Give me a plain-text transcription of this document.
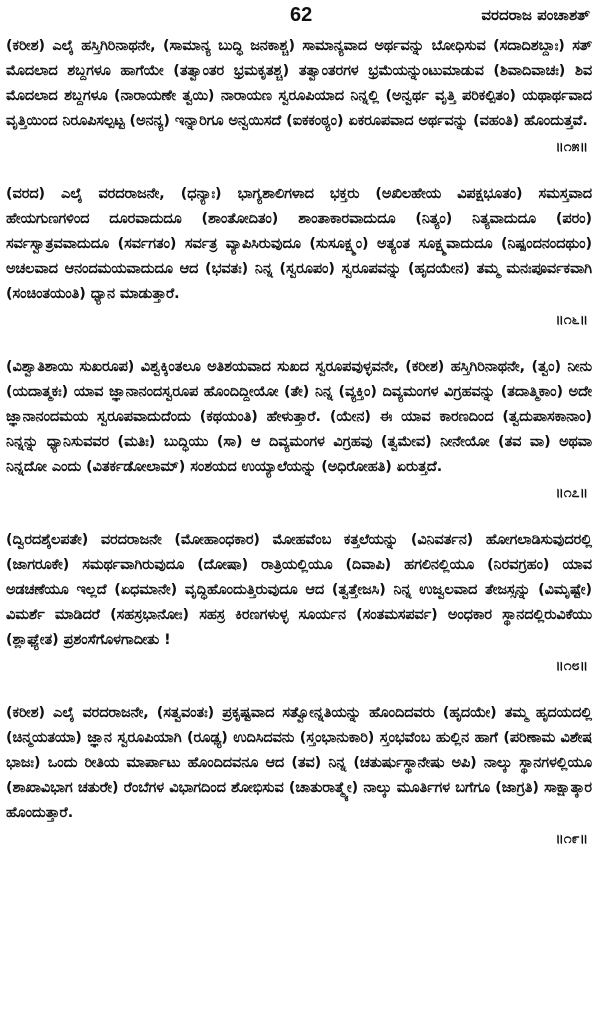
62	ವರದರಾಜ ಪಂಚಾಶತ್

(ಕರೀಶ) ಎಲೈ ಹಸ್ತಿಗಿರಿನಾಥನೇ, (ಸಾಮಾನ್ಯ ಬುದ್ಧಿ ಜನಕಾಶ್ಚ) ಸಾಮಾನ್ಯವಾದ ಅರ್ಥವನ್ನು ಬೋಧಿಸುವ (ಸದಾದಿಶಬ್ದಾಃ) ಸತ್ ಮೊದಲಾದ ಶಬ್ದಗಳೂ ಹಾಗೆಯೇ (ತತ್ವಾಂತರ ಭ್ರಮಕೃತಶ್ಚ) ತತ್ವಾಂತರಗಳ ಭ್ರಮೆಯನ್ನುಂಟುಮಾಡುವ (ಶಿವಾದಿವಾಚಃ) ಶಿವ ಮೊದಲಾದ ಶಬ್ದಗಳೂ (ನಾರಾಯಣೇ ತ್ವಯಿ) ನಾರಾಯಣ ಸ್ವರೂಪಿಯಾದ ನಿನ್ನಲ್ಲಿ (ಅನ್ವರ್ಥ ವೃತ್ತಿ ಪರಿಕಲ್ಪಿತಂ) ಯಥಾರ್ಥವಾದ ವೃತ್ತಿಯಿಂದ ನಿರೂಪಿಸಲ್ಪಟ್ಟ (ಅನನ್ಯ) ಇನ್ನಾರಿಗೂ ಅನ್ವಯಿಸದೆ (ಐಕಕಂಠ್ಯಂ) ಏಕರೂಪವಾದ ಅರ್ಥವನ್ನು (ವಹಂತಿ) ಹೊಂದುತ್ತವೆ.

॥೧೫॥

(ವರದ) ಎಲೈ ವರದರಾಜನೇ, (ಧನ್ಯಾಃ) ಭಾಗ್ಯಶಾಲಿಗಳಾದ ಭಕ್ತರು (ಅಖಿಲಹೇಯ ವಿಪಕ್ಷಭೂತಂ) ಸಮಸ್ತವಾದ ಹೇಯಗುಣಗಳಿಂದ ದೂರವಾದುದೂ (ಶಾಂತೋದಿತಂ) ಶಾಂತಾಕಾರವಾದುದೂ (ನಿತ್ಯಂ) ನಿತ್ಯವಾದುದೂ (ಪರಂ) ಸರ್ವಸ್ವಾತ್ರವವಾದುದೂ (ಸರ್ವಗತಂ) ಸರ್ವತ್ರ ವ್ಯಾಪಿಸಿರುವುದೂ (ಸುಸೂಕ್ಷ್ಮಂ) ಅತ್ಯಂತ ಸೂಕ್ಷ್ಮವಾದುದೂ (ನಿಷ್ಪಂದನಂದಥುಂ) ಅಚಲವಾದ ಆನಂದಮಯವಾದುದೂ ಆದ (ಭವತಃ) ನಿನ್ನ (ಸ್ವರೂಪಂ) ಸ್ವರೂಪವನ್ನು (ಹೃದಯೇನ) ತಮ್ಮ ಮನಃಪೂರ್ವಕವಾಗಿ (ಸಂಚಿಂತಯಂತಿ) ಧ್ಯಾನ ಮಾಡುತ್ತಾರೆ.

॥೧೬॥

(ವಿಶ್ವಾತಿಶಾಯಿ ಸುಖರೂಪ) ವಿಶ್ವಕ್ಕಿಂತಲೂ ಅತಿಶಯವಾದ ಸುಖದ ಸ್ವರೂಪವುಳ್ಳವನೇ, (ಕರೀಶ) ಹಸ್ತಿಗಿರಿನಾಥನೇ, (ತ್ವಂ) ನೀನು (ಯದಾತ್ಮಕಃ) ಯಾವ ಜ್ಞಾನಾನಂದಸ್ವರೂಪ ಹೊಂದಿದ್ದೀಯೋ (ತೇ) ನಿನ್ನ (ವ್ಯಕ್ತಿಂ) ದಿವ್ಯಮಂಗಳ ವಿಗ್ರಹವನ್ನು (ತದಾತ್ಮಿಕಾಂ) ಅದೇ ಜ್ಞಾನಾನಂದಮಯ ಸ್ವರೂಪವಾದುದೆಂದು (ಕಥಯಂತಿ) ಹೇಳುತ್ತಾರೆ. (ಯೇನ) ಈ ಯಾವ ಕಾರಣದಿಂದ (ತ್ವದುಪಾಸಕಾನಾಂ) ನಿನ್ನನ್ನು ಧ್ಯಾನಿಸುವವರ (ಮತಿಃ) ಬುದ್ಧಿಯು (ಸಾ) ಆ ದಿವ್ಯಮಂಗಳ ವಿಗ್ರಹವು (ತ್ವಮೇವ) ನೀನೇಯೋ (ತವ ವಾ) ಅಥವಾ ನಿನ್ನದೋ ಎಂದು (ವಿತರ್ಕಡೋಲಾಮ್) ಸಂಶಯದ ಉಯ್ಯಾಲೆಯನ್ನು (ಅಧಿರೋಹತಿ) ಏರುತ್ತದೆ.

॥೧೭॥

(ದ್ವಿರದಶೈಲಪತೇ) ವರದರಾಜನೇ (ಮೋಹಾಂಧಕಾರ) ಮೋಹವೆಂಬ ಕತ್ತಲೆಯನ್ನು (ವಿನಿವರ್ತನ) ಹೋಗಲಾಡಿಸುವುದರಲ್ಲಿ (ಜಾಗರೂಕೇ) ಸಮರ್ಥವಾಗಿರುವುದೂ (ದೋಷಾ) ರಾತ್ರಿಯಲ್ಲಿಯೂ (ದಿವಾಪಿ) ಹಗಲಿನಲ್ಲಿಯೂ (ನಿರವಗ್ರಹಂ) ಯಾವ ಅಡಚಣೆಯೂ ಇಲ್ಲದೆ (ಏಧಮಾನೇ) ವೃದ್ಧಿಹೊಂದುತ್ತಿರುವುದೂ ಆದ (ತ್ವತ್ತೇಜಸಿ) ನಿನ್ನ ಉಜ್ವಲವಾದ ತೇಜಸ್ಸನ್ನು (ವಿಮೃಷ್ಟೇ) ವಿಮರ್ಶೆ ಮಾಡಿದರೆ (ಸಹಸ್ರಭಾನೋಃ) ಸಹಸ್ರ ಕಿರಣಗಳುಳ್ಳ ಸೂರ್ಯನ (ಸಂತಮಸಪರ್ವ) ಅಂಧಕಾರ ಸ್ಥಾನದಲ್ಲಿರುವಿಕೆಯು (ಶ್ಲಾಘ್ಯೇತ) ಪ್ರಶಂಸೆಗೊಳಗಾದೀತು !

॥೧೮॥

(ಕರೀಶ) ಎಲೈ ವರದರಾಜನೇ, (ಸತ್ವವಂತಃ) ಪ್ರಕೃಷ್ಟವಾದ ಸತ್ವೋನ್ನತಿಯನ್ನು ಹೊಂದಿದವರು (ಹೃದಯೇ) ತಮ್ಮ ಹೃದಯದಲ್ಲಿ (ಚಿನ್ಮಯತಯಾ) ಜ್ಞಾನ ಸ್ವರೂಪಿಯಾಗಿ (ರೂಢ್ಯ) ಉದಿಸಿದವನು (ಸ್ತಂಭಾನುಕಾರಿ) ಸ್ತಂಭವೆಂಬ ಹುಲ್ಲಿನ ಹಾಗೆ (ಪರಿಣಾಮ ವಿಶೇಷ ಭಾಜಃ) ಒಂದು ರೀತಿಯ ಮಾರ್ಪಾಟು ಹೊಂದಿದವನೂ ಆದ (ತವ) ನಿನ್ನ (ಚತುರ್ಷುಸ್ಥಾನೇಷು ಅಪಿ) ನಾಲ್ಕು ಸ್ಥಾನಗಳಲ್ಲಿಯೂ (ಶಾಖಾವಿಭಾಗ ಚತುರೇ) ರೆಂಬೆಗಳ ವಿಭಾಗದಿಂದ ಶೋಭಿಸುವ (ಚಾತುರಾತ್ಮ್ಯೇ) ನಾಲ್ಕು ಮೂರ್ತಿಗಳ ಬಗೆಗೂ (ಜಾಗ್ರತಿ) ಸಾಕ್ಷಾತ್ಕಾರ ಹೊಂದುತ್ತಾರೆ.

॥೧೯॥
